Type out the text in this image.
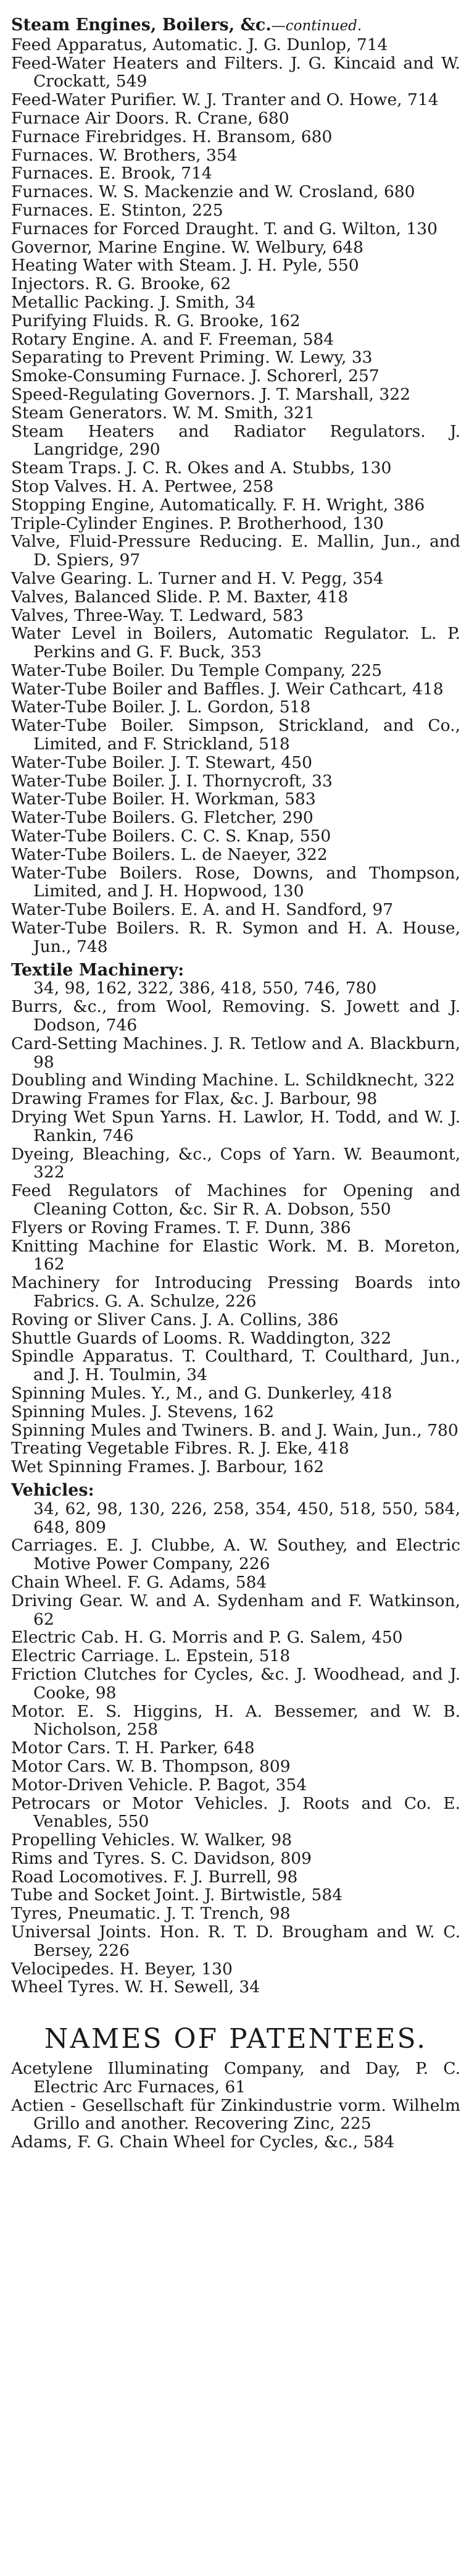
Steam Engines, Boilers, &c.—continued.

Feed Apparatus, Automatic. J. G. Dunlop, 714

Feed-Water Heaters and Filters. J. G. Kincaid and W. Crockatt, 549

Feed-Water Purifier. W. J. Tranter and O. Howe, 714

Furnace Air Doors. R. Crane, 680

Furnace Firebridges. H. Bransom, 680

Furnaces. W. Brothers, 354

Furnaces. E. Brook, 714

Furnaces. W. S. Mackenzie and W. Crosland, 680

Furnaces. E. Stinton, 225

Furnaces for Forced Draught. T. and G. Wilton, 130

Governor, Marine Engine. W. Welbury, 648

Heating Water with Steam. J. H. Pyle, 550

Injectors. R. G. Brooke, 62

Metallic Packing. J. Smith, 34

Purifying Fluids. R. G. Brooke, 162

Rotary Engine. A. and F. Freeman, 584

Separating to Prevent Priming. W. Lewy, 33

Smoke-Consuming Furnace. J. Schorerl, 257

Speed-Regulating Governors. J. T. Marshall, 322

Steam Generators. W. M. Smith, 321

Steam Heaters and Radiator Regulators. J. Langridge, 290

Steam Traps. J. C. R. Okes and A. Stubbs, 130

Stop Valves. H. A. Pertwee, 258

Stopping Engine, Automatically. F. H. Wright, 386

Triple-Cylinder Engines. P. Brotherhood, 130

Valve, Fluid-Pressure Reducing. E. Mallin, Jun., and D. Spiers, 97

Valve Gearing. L. Turner and H. V. Pegg, 354

Valves, Balanced Slide. P. M. Baxter, 418

Valves, Three-Way. T. Ledward, 583

Water Level in Boilers, Automatic Regulator. L. P. Perkins and G. F. Buck, 353

Water-Tube Boiler. Du Temple Company, 225

Water-Tube Boiler and Baffles. J. Weir Cathcart, 418

Water-Tube Boiler. J. L. Gordon, 518

Water-Tube Boiler. Simpson, Strickland, and Co., Limited, and F. Strickland, 518

Water-Tube Boiler. J. T. Stewart, 450

Water-Tube Boiler. J. I. Thornycroft, 33

Water-Tube Boiler. H. Workman, 583

Water-Tube Boilers. G. Fletcher, 290

Water-Tube Boilers. C. C. S. Knap, 550

Water-Tube Boilers. L. de Naeyer, 322

Water-Tube Boilers. Rose, Downs, and Thompson, Limited, and J. H. Hopwood, 130

Water-Tube Boilers. E. A. and H. Sandford, 97

Water-Tube Boilers. R. R. Symon and H. A. House, Jun., 748

Textile Machinery:

34, 98, 162, 322, 386, 418, 550, 746, 780

Burrs, &c., from Wool, Removing. S. Jowett and J. Dodson, 746

Card-Setting Machines. J. R. Tetlow and A. Blackburn, 98

Doubling and Winding Machine. L. Schildknecht, 322

Drawing Frames for Flax, &c. J. Barbour, 98

Drying Wet Spun Yarns. H. Lawlor, H. Todd, and W. J. Rankin, 746

Dyeing, Bleaching, &c., Cops of Yarn. W. Beaumont, 322

Feed Regulators of Machines for Opening and Cleaning Cotton, &c. Sir R. A. Dobson, 550

Flyers or Roving Frames. T. F. Dunn, 386

Knitting Machine for Elastic Work. M. B. Moreton, 162

Machinery for Introducing Pressing Boards into Fabrics. G. A. Schulze, 226

Roving or Sliver Cans. J. A. Collins, 386

Shuttle Guards of Looms. R. Waddington, 322

Spindle Apparatus. T. Coulthard, T. Coulthard, Jun., and J. H. Toulmin, 34

Spinning Mules. Y., M., and G. Dunkerley, 418

Spinning Mules. J. Stevens, 162

Spinning Mules and Twiners. B. and J. Wain, Jun., 780

Treating Vegetable Fibres. R. J. Eke, 418

Wet Spinning Frames. J. Barbour, 162

Vehicles:

34, 62, 98, 130, 226, 258, 354, 450, 518, 550, 584, 648, 809

Carriages. E. J. Clubbe, A. W. Southey, and Electric Motive Power Company, 226

Chain Wheel. F. G. Adams, 584

Driving Gear. W. and A. Sydenham and F. Watkinson, 62

Electric Cab. H. G. Morris and P. G. Salem, 450

Electric Carriage. L. Epstein, 518

Friction Clutches for Cycles, &c. J. Woodhead, and J. Cooke, 98

Motor. E. S. Higgins, H. A. Bessemer, and W. B. Nicholson, 258

Motor Cars. T. H. Parker, 648

Motor Cars. W. B. Thompson, 809

Motor-Driven Vehicle. P. Bagot, 354

Petrocars or Motor Vehicles. J. Roots and Co. E. Venables, 550

Propelling Vehicles. W. Walker, 98

Rims and Tyres. S. C. Davidson, 809

Road Locomotives. F. J. Burrell, 98

Tube and Socket Joint. J. Birtwistle, 584

Tyres, Pneumatic. J. T. Trench, 98

Universal Joints. Hon. R. T. D. Brougham and W. C. Bersey, 226

Velocipedes. H. Beyer, 130

Wheel Tyres. W. H. Sewell, 34

NAMES OF PATENTEES.

Acetylene Illuminating Company, and Day, P. C. Electric Arc Furnaces, 61

Actien - Gesellschaft für Zinkindustrie vorm. Wilhelm Grillo and another. Recovering Zinc, 225

Adams, F. G. Chain Wheel for Cycles, &c., 584
